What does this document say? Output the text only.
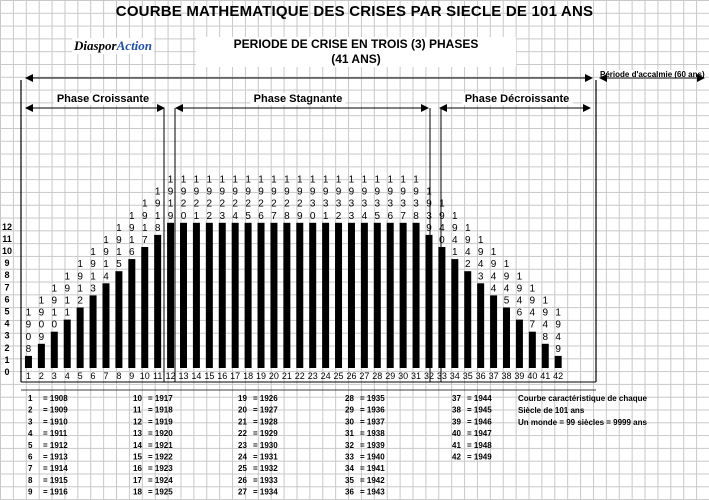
COURBE MATHEMATIQUE DES CRISES PAR SIECLE DE 101 ANS
DiasporAction	PERIODE DE CRISE EN TROIS (3) PHASES
(41 ANS)
Période d'accalmie (60 ans)
Phase Croissante	Phase Stagnante	Phase Décroissante
0
1
2
3
4
5
6
7
8
9
10
11
12
1
9
0
8
1
1
9
0
9
2
1
9
1
0
3
1
9
1
1
4
1
9
1
2
5
1
9
1
3
6
1
9
1
4
7
1
9
1
5
8
1
9
1
6
9
1
9
1
7
10
1
9
1
8
11
1
9
1
9
12
1
9
2
0
13
1
9
2
1
14
1
9
2
2
15
1
9
2
3
16
1
9
2
4
17
1
9
2
5
18
1
9
2
6
19
1
9
2
7
20
1
9
2
8
21
1
9
2
9
22
1
9
3
0
23
1
9
3
1
24
1
9
3
2
25
1
9
3
3
26
1
9
3
4
27
1
9
3
5
28
1
9
3
6
29
1
9
3
7
30
1
9
3
8
31
1
9
3
9
32
1
9
4
0
33
1
9
4
1
34
1
9
4
2
35
1
9
4
3
36
1
9
4
4
37
1
9
4
5
38
1
9
4
6
39
1
9
4
7
40
1
9
4
8
41
1
9
4
9
42
1 = 1908
2 = 1909
3 = 1910
4 = 1911
5 = 1912
6 = 1913
7 = 1914
8 = 1915
9 = 1916
10 = 1917
11 = 1918
12 = 1919
13 = 1920
14 = 1921
15 = 1922
16 = 1923
17 = 1924
18 = 1925
19 = 1926
20 = 1927
21 = 1928
22 = 1929
23 = 1930
24 = 1931
25 = 1932
26 = 1933
27 = 1934
28 = 1935
29 = 1936
30 = 1937
31 = 1938
32 = 1939
33 = 1940
34 = 1941
35 = 1942
36 = 1943
37 = 1944
38 = 1945
39 = 1946
40 = 1947
41 = 1948
42 = 1949
Courbe caractéristique de chaque
Siècle de 101 ans
Un monde = 99 siècles = 9999 ans
